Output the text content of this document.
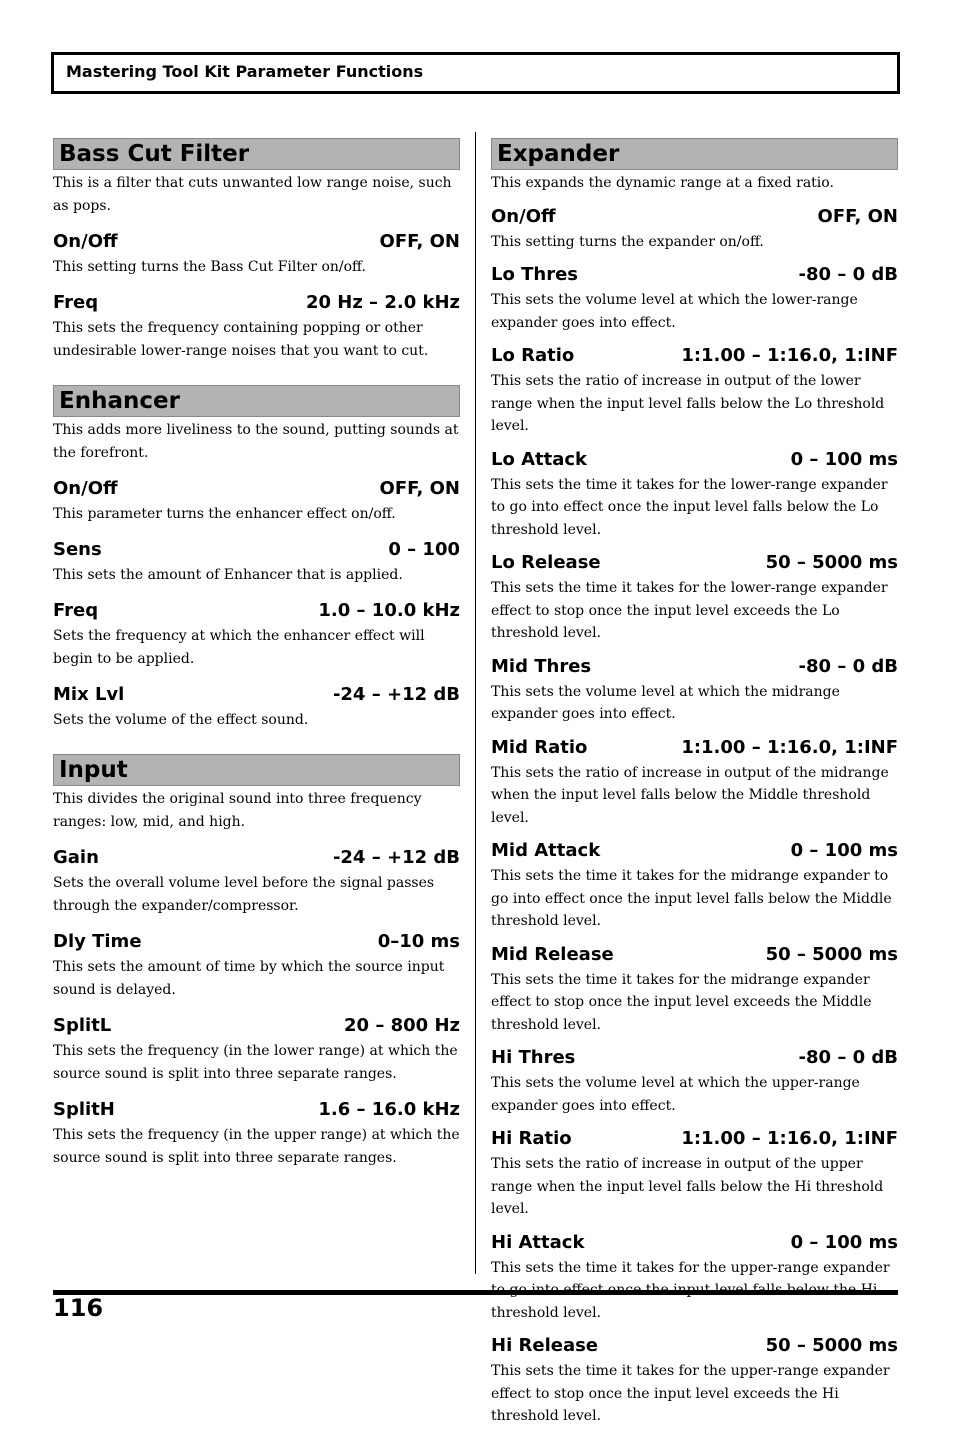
Mastering Tool Kit Parameter Functions
Bass Cut Filter

This is a filter that cuts unwanted low range noise, such as pops.

On/Off	OFF, ON

This setting turns the Bass Cut Filter on/off.

Freq	20 Hz – 2.0 kHz

This sets the frequency containing popping or other undesirable lower-range noises that you want to cut.

Enhancer

This adds more liveliness to the sound, putting sounds at the forefront.

On/Off	OFF, ON

This parameter turns the enhancer effect on/off.

Sens	0 – 100

This sets the amount of Enhancer that is applied.

Freq	1.0 – 10.0 kHz

Sets the frequency at which the enhancer effect will begin to be applied.

Mix Lvl	-24 – +12 dB

Sets the volume of the effect sound.

Input

This divides the original sound into three frequency ranges: low, mid, and high.

Gain	-24 – +12 dB

Sets the overall volume level before the signal passes through the expander/compressor.

Dly Time	0–10 ms

This sets the amount of time by which the source input sound is delayed.

SplitL	20 – 800 Hz

This sets the frequency (in the lower range) at which the source sound is split into three separate ranges.

SplitH	1.6 – 16.0 kHz

This sets the frequency (in the upper range) at which the source sound is split into three separate ranges.

Expander

This expands the dynamic range at a fixed ratio.

On/Off	OFF, ON

This setting turns the expander on/off.

Lo Thres	-80 – 0 dB

This sets the volume level at which the lower-range expander goes into effect.

Lo Ratio	1:1.00 – 1:16.0, 1:INF

This sets the ratio of increase in output of the lower range when the input level falls below the Lo threshold level.

Lo Attack	0 – 100 ms

This sets the time it takes for the lower-range expander to go into effect once the input level falls below the Lo threshold level.

Lo Release	50 – 5000 ms

This sets the time it takes for the lower-range expander effect to stop once the input level exceeds the Lo threshold level.

Mid Thres	-80 – 0 dB

This sets the volume level at which the midrange expander goes into effect.

Mid Ratio	1:1.00 – 1:16.0, 1:INF

This sets the ratio of increase in output of the midrange when the input level falls below the Middle threshold level.

Mid Attack	0 – 100 ms

This sets the time it takes for the midrange expander to go into effect once the input level falls below the Middle threshold level.

Mid Release	50 – 5000 ms

This sets the time it takes for the midrange expander effect to stop once the input level exceeds the Middle threshold level.

Hi Thres	-80 – 0 dB

This sets the volume level at which the upper-range expander goes into effect.

Hi Ratio	1:1.00 – 1:16.0, 1:INF

This sets the ratio of increase in output of the upper range when the input level falls below the Hi threshold level.

Hi Attack	0 – 100 ms

This sets the time it takes for the upper-range expander threshold level.

Hi Release	50 – 5000 ms

This sets the time it takes for the upper-range expander effect to stop once the input level exceeds the Hi threshold level.

116
